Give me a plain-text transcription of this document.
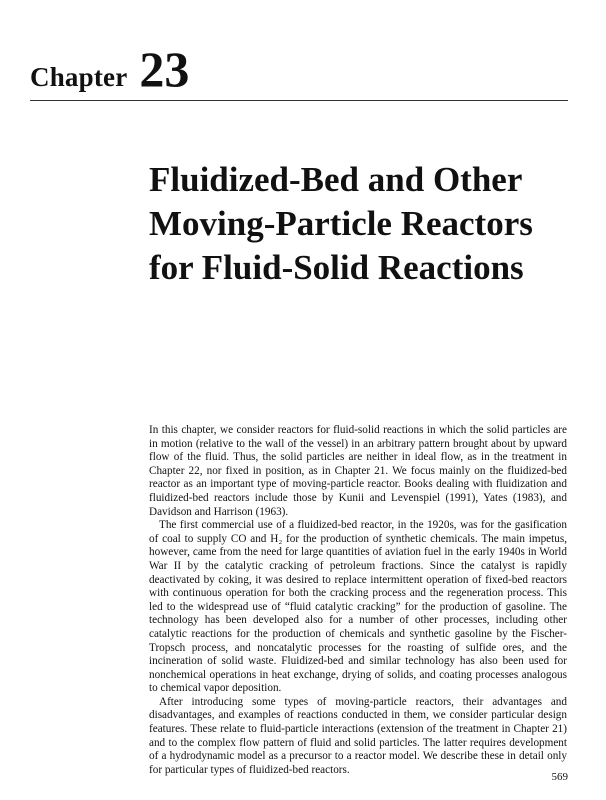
Chapter 23
Fluidized-Bed and Other
Moving-Particle Reactors
for Fluid-Solid Reactions

In this chapter, we consider reactors for fluid-solid reactions in which the solid particles are in motion (relative to the wall of the vessel) in an arbitrary pattern brought about by upward flow of the fluid. Thus, the solid particles are neither in ideal flow, as in the treatment in Chapter 22, nor fixed in position, as in Chapter 21. We focus mainly on the fluidized-bed reactor as an important type of moving-particle reactor. Books dealing with fluidization and fluidized-bed reactors include those by Kunii and Levenspiel (1991), Yates (1983), and Davidson and Harrison (1963).

The first commercial use of a fluidized-bed reactor, in the 1920s, was for the gasification of coal to supply CO and H₂ for the production of synthetic chemicals. The main impetus, however, came from the need for large quantities of aviation fuel in the early 1940s in World War II by the catalytic cracking of petroleum fractions. Since the catalyst is rapidly deactivated by coking, it was desired to replace intermittent operation of fixed-bed reactors with continuous operation for both the cracking process and the regeneration process. This led to the widespread use of “fluid catalytic cracking” for the production of gasoline. The technology has been developed also for a number of other processes, including other catalytic reactions for the production of chemicals and synthetic gasoline by the Fischer-Tropsch process, and noncatalytic processes for the roasting of sulfide ores, and the incineration of solid waste. Fluidized-bed and similar technology has also been used for nonchemical operations in heat exchange, drying of solids, and coating processes analogous to chemical vapor deposition.

After introducing some types of moving-particle reactors, their advantages and disadvantages, and examples of reactions conducted in them, we consider particular design features. These relate to fluid-particle interactions (extension of the treatment in Chapter 21) and to the complex flow pattern of fluid and solid particles. The latter requires development of a hydrodynamic model as a precursor to a reactor model. We describe these in detail only for particular types of fluidized-bed reactors.

569
